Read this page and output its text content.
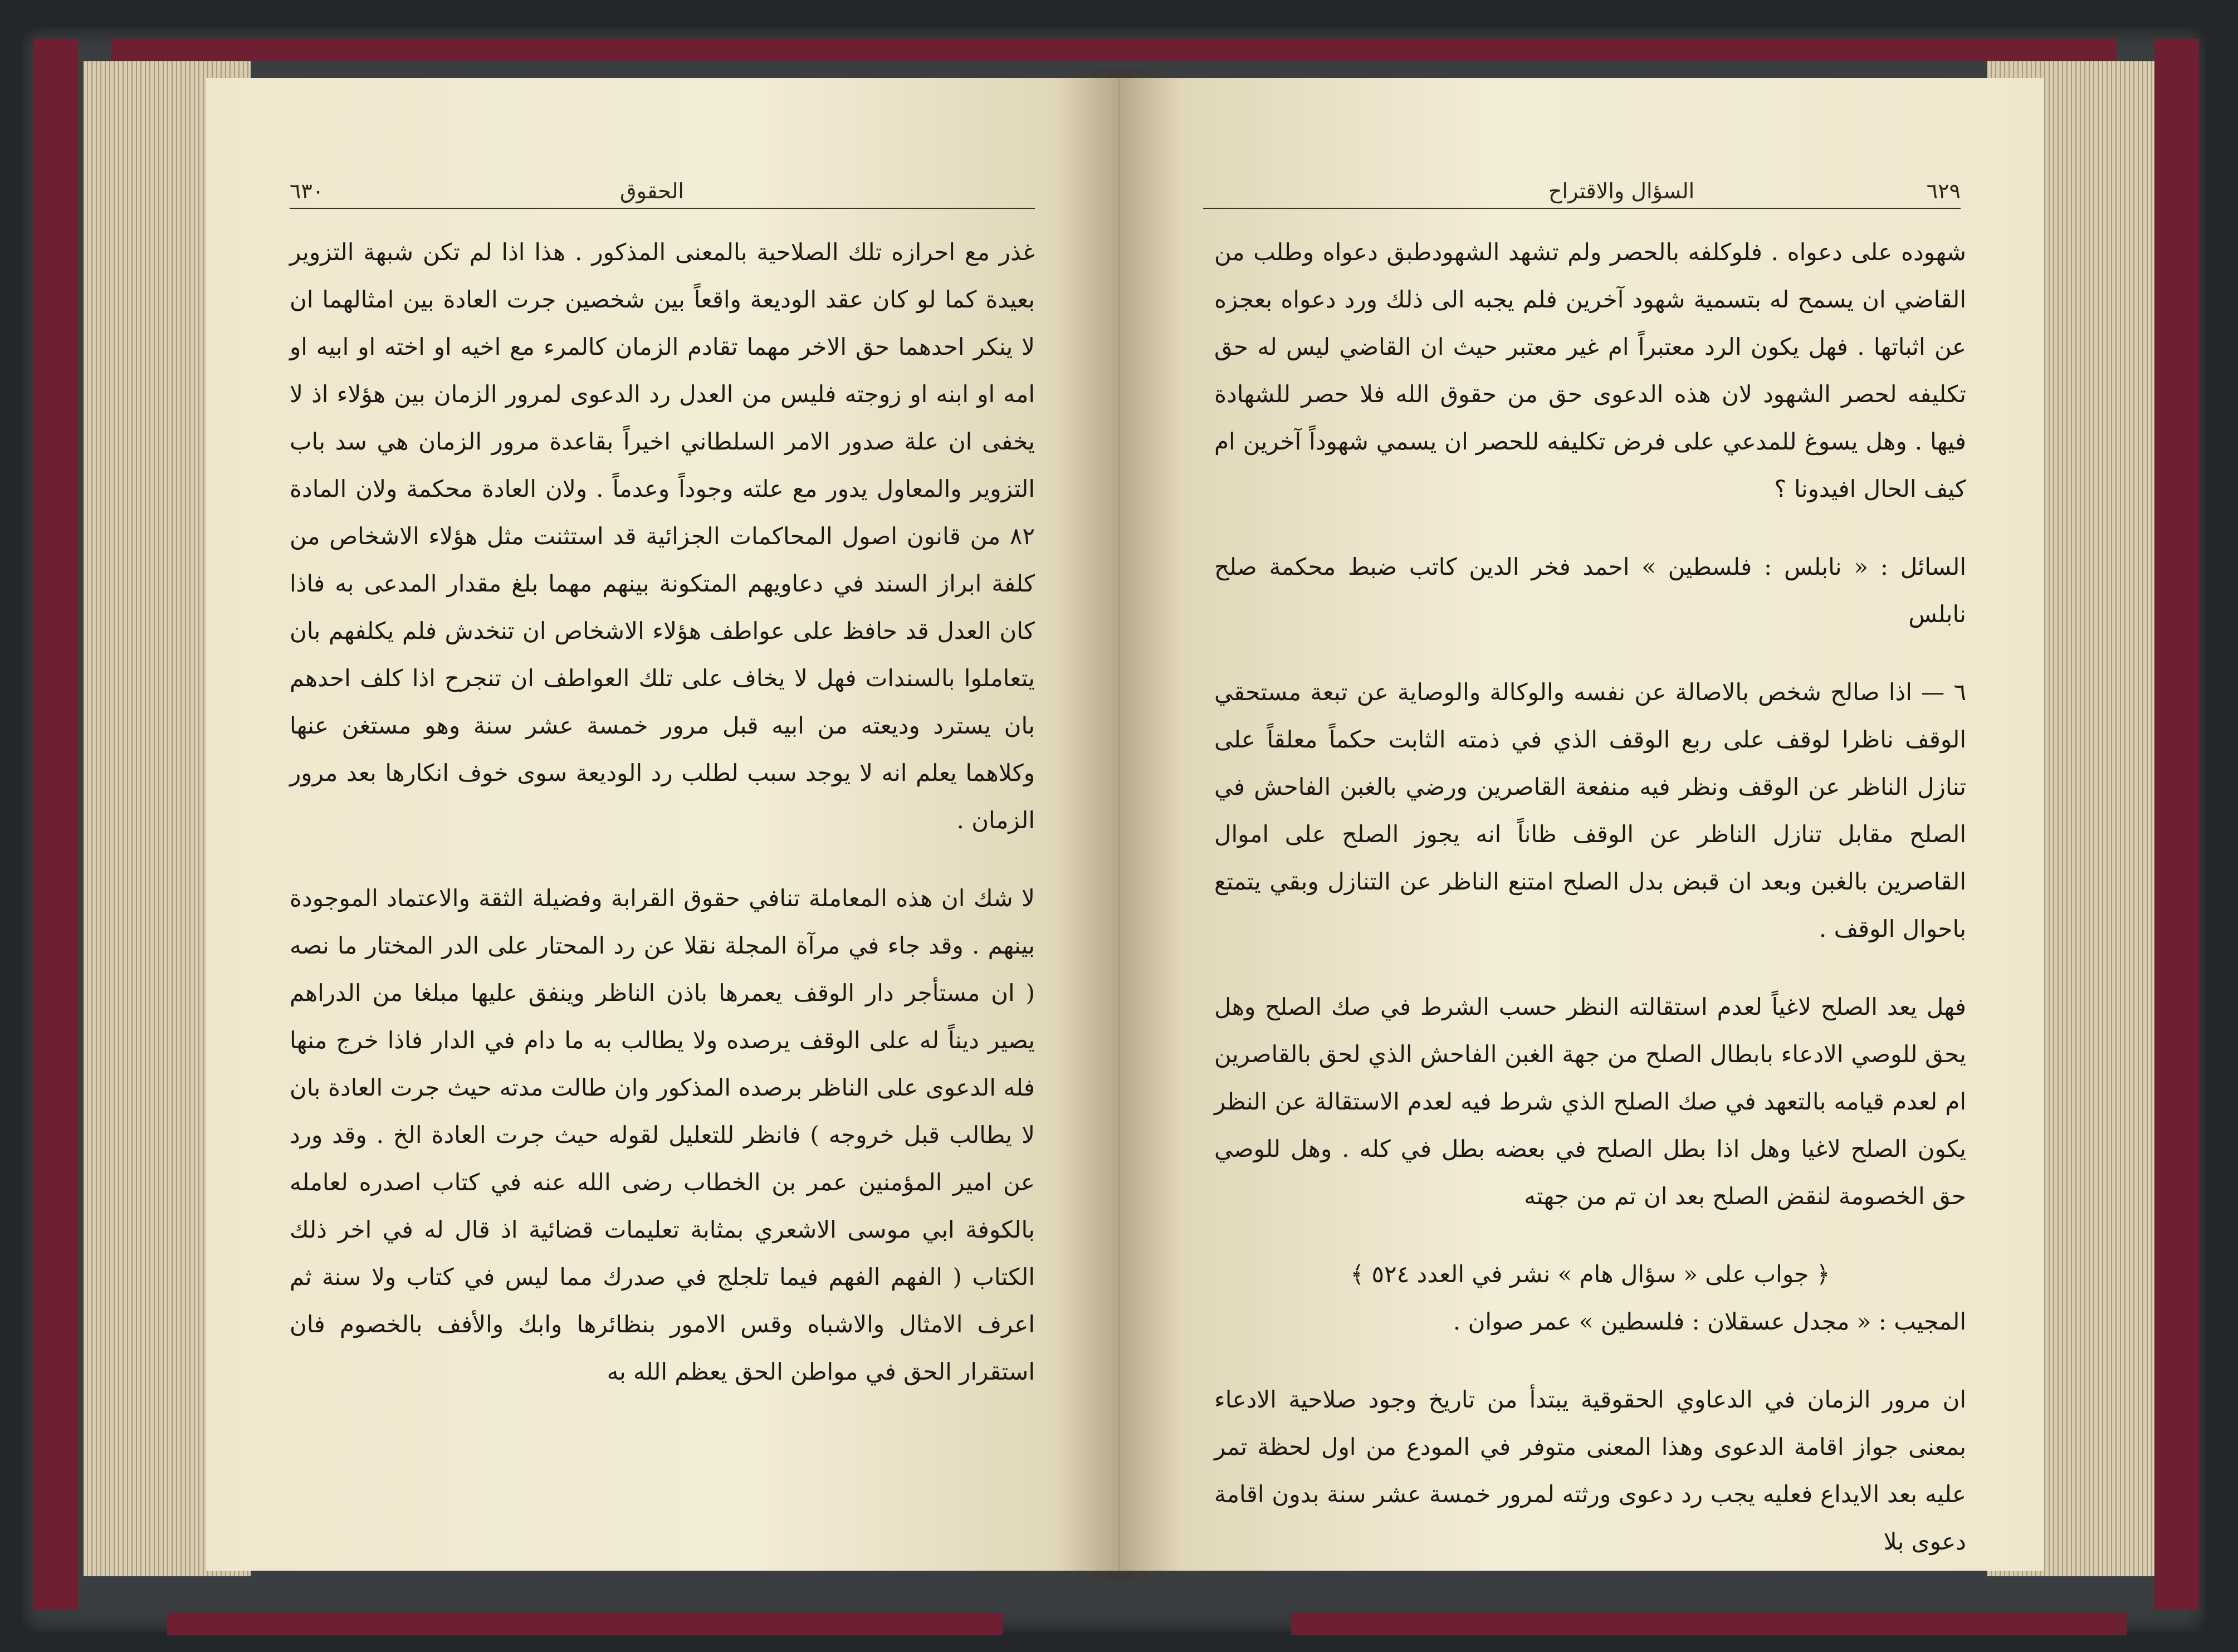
الحقوق
٦٣٠

غذر مع احرازه تلك الصلاحية بالمعنى المذكور . هذا اذا لم تكن شبهة التزوير بعيدة كما لو كان عقد الوديعة واقعاً بين شخصين جرت العادة بين امثالهما ان لا ينكر احدهما حق الاخر مهما تقادم الزمان كالمرء مع اخيه او اخته او ابيه او امه او ابنه او زوجته فليس من العدل رد الدعوى لمرور الزمان بين هؤلاء اذ لا يخفى ان علة صدور الامر السلطاني اخيراً بقاعدة مرور الزمان هي سد باب التزوير والمعاول يدور مع علته وجوداً وعدماً . ولان العادة محكمة ولان المادة ٨٢ من قانون اصول المحاكمات الجزائية قد استثنت مثل هؤلاء الاشخاص من كلفة ابراز السند في دعاويهم المتكونة بينهم مهما بلغ مقدار المدعى به فاذا كان العدل قد حافظ على عواطف هؤلاء الاشخاص ان تنخدش فلم يكلفهم بان يتعاملوا بالسندات فهل لا يخاف على تلك العواطف ان تنجرح اذا كلف احدهم بان يسترد وديعته من ابيه قبل مرور خمسة عشر سنة وهو مستغن عنها وكلاهما يعلم انه لا يوجد سبب لطلب رد الوديعة سوى خوف انكارها بعد مرور الزمان .

لا شك ان هذه المعاملة تنافي حقوق القرابة وفضيلة الثقة والاعتماد الموجودة بينهم . وقد جاء في مرآة المجلة نقلا عن رد المحتار على الدر المختار ما نصه ( ان مستأجر دار الوقف يعمرها باذن الناظر وينفق عليها مبلغا من الدراهم يصير ديناً له على الوقف يرصده ولا يطالب به ما دام في الدار فاذا خرج منها فله الدعوى على الناظر برصده المذكور وان طالت مدته حيث جرت العادة بان لا يطالب قبل خروجه ) فانظر للتعليل لقوله حيث جرت العادة الخ . وقد ورد عن امير المؤمنين عمر بن الخطاب رضى الله عنه في كتاب اصدره لعامله بالكوفة ابي موسى الاشعري بمثابة تعليمات قضائية اذ قال له في اخر ذلك الكتاب ( الفهم الفهم فيما تلجلج في صدرك مما ليس في كتاب ولا سنة ثم اعرف الامثال والاشباه وقس الامور بنظائرها وابك والأفف بالخصوم فان استقرار الحق في مواطن الحق يعظم الله به

٦٢٩
السؤال والاقتراح

شهوده على دعواه . فلوكلفه بالحصر ولم تشهد الشهودطبق دعواه وطلب من القاضي ان يسمح له بتسمية شهود آخرين فلم يجبه الى ذلك ورد دعواه بعجزه عن اثباتها . فهل يكون الرد معتبراً ام غير معتبر حيث ان القاضي ليس له حق تكليفه لحصر الشهود لان هذه الدعوى حق من حقوق الله فلا حصر للشهادة فيها . وهل يسوغ للمدعي على فرض تكليفه للحصر ان يسمي شهوداً آخرين ام كيف الحال افيدونا ؟

السائل : « نابلس : فلسطين » احمد فخر الدين كاتب ضبط محكمة صلح نابلس

٦ — اذا صالح شخص بالاصالة عن نفسه والوكالة والوصاية عن تبعة مستحقي الوقف ناظرا لوقف على ربع الوقف الذي في ذمته الثابت حكماً معلقاً على تنازل الناظر عن الوقف ونظر فيه منفعة القاصرين ورضي بالغبن الفاحش في الصلح مقابل تنازل الناظر عن الوقف ظاناً انه يجوز الصلح على اموال القاصرين بالغبن وبعد ان قبض بدل الصلح امتنع الناظر عن التنازل وبقي يتمتع باحوال الوقف .

فهل يعد الصلح لاغياً لعدم استقالته النظر حسب الشرط في صك الصلح وهل يحق للوصي الادعاء بابطال الصلح من جهة الغبن الفاحش الذي لحق بالقاصرين ام لعدم قيامه بالتعهد في صك الصلح الذي شرط فيه لعدم الاستقالة عن النظر يكون الصلح لاغيا وهل اذا بطل الصلح في بعضه بطل في كله . وهل للوصي حق الخصومة لنقض الصلح بعد ان تم من جهته

﴿ جواب على « سؤال هام » نشر في العدد ٥٢٤ ﴾

المجيب : « مجدل عسقلان : فلسطين » عمر صوان .

ان مرور الزمان في الدعاوي الحقوقية يبتدأ من تاريخ وجود صلاحية الادعاء بمعنى جواز اقامة الدعوى وهذا المعنى متوفر في المودع من اول لحظة تمر عليه بعد الايداع فعليه يجب رد دعوى ورثته لمرور خمسة عشر سنة بدون اقامة دعوى بلا
